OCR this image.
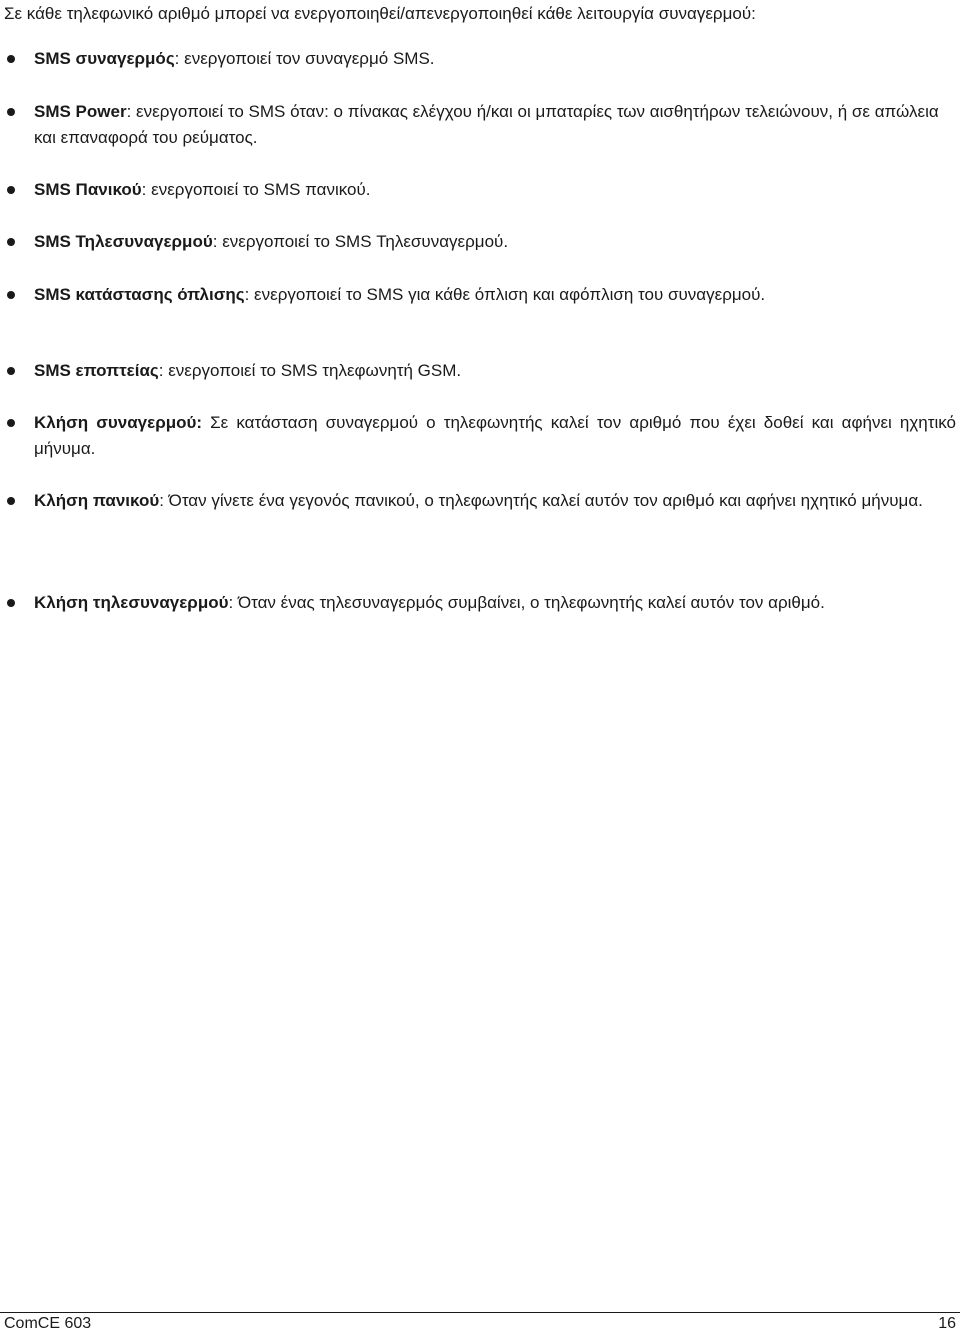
Σε κάθε τηλεφωνικό αριθμό μπορεί να ενεργοποιηθεί/απενεργοποιηθεί κάθε λειτουργία συναγερμού:
SMS συναγερμός: ενεργοποιεί τον συναγερμό SMS.
SMS Power: ενεργοποιεί το SMS όταν: ο πίνακας ελέγχου ή/και οι μπαταρίες των αισθητήρων τελειώνουν, ή σε απώλεια και επαναφορά του ρεύματος.
SMS Πανικού: ενεργοποιεί το SMS πανικού.
SMS Τηλεσυναγερμού: ενεργοποιεί το SMS Τηλεσυναγερμού.
SMS κατάστασης όπλισης: ενεργοποιεί το SMS για κάθε όπλιση και αφόπλιση του συναγερμού.
SMS εποπτείας: ενεργοποιεί το SMS τηλεφωνητή GSM.
Κλήση συναγερμού: Σε κατάσταση συναγερμού ο τηλεφωνητής καλεί τον αριθμό που έχει δοθεί και αφήνει ηχητικό μήνυμα.
Κλήση πανικού: Όταν γίνετε ένα γεγονός πανικού, ο τηλεφωνητής καλεί αυτόν τον αριθμό και αφήνει ηχητικό μήνυμα.
Κλήση τηλεσυναγερμού: Όταν ένας τηλεσυναγερμός συμβαίνει, ο τηλεφωνητής καλεί αυτόν τον αριθμό.
ComCE 603	16
